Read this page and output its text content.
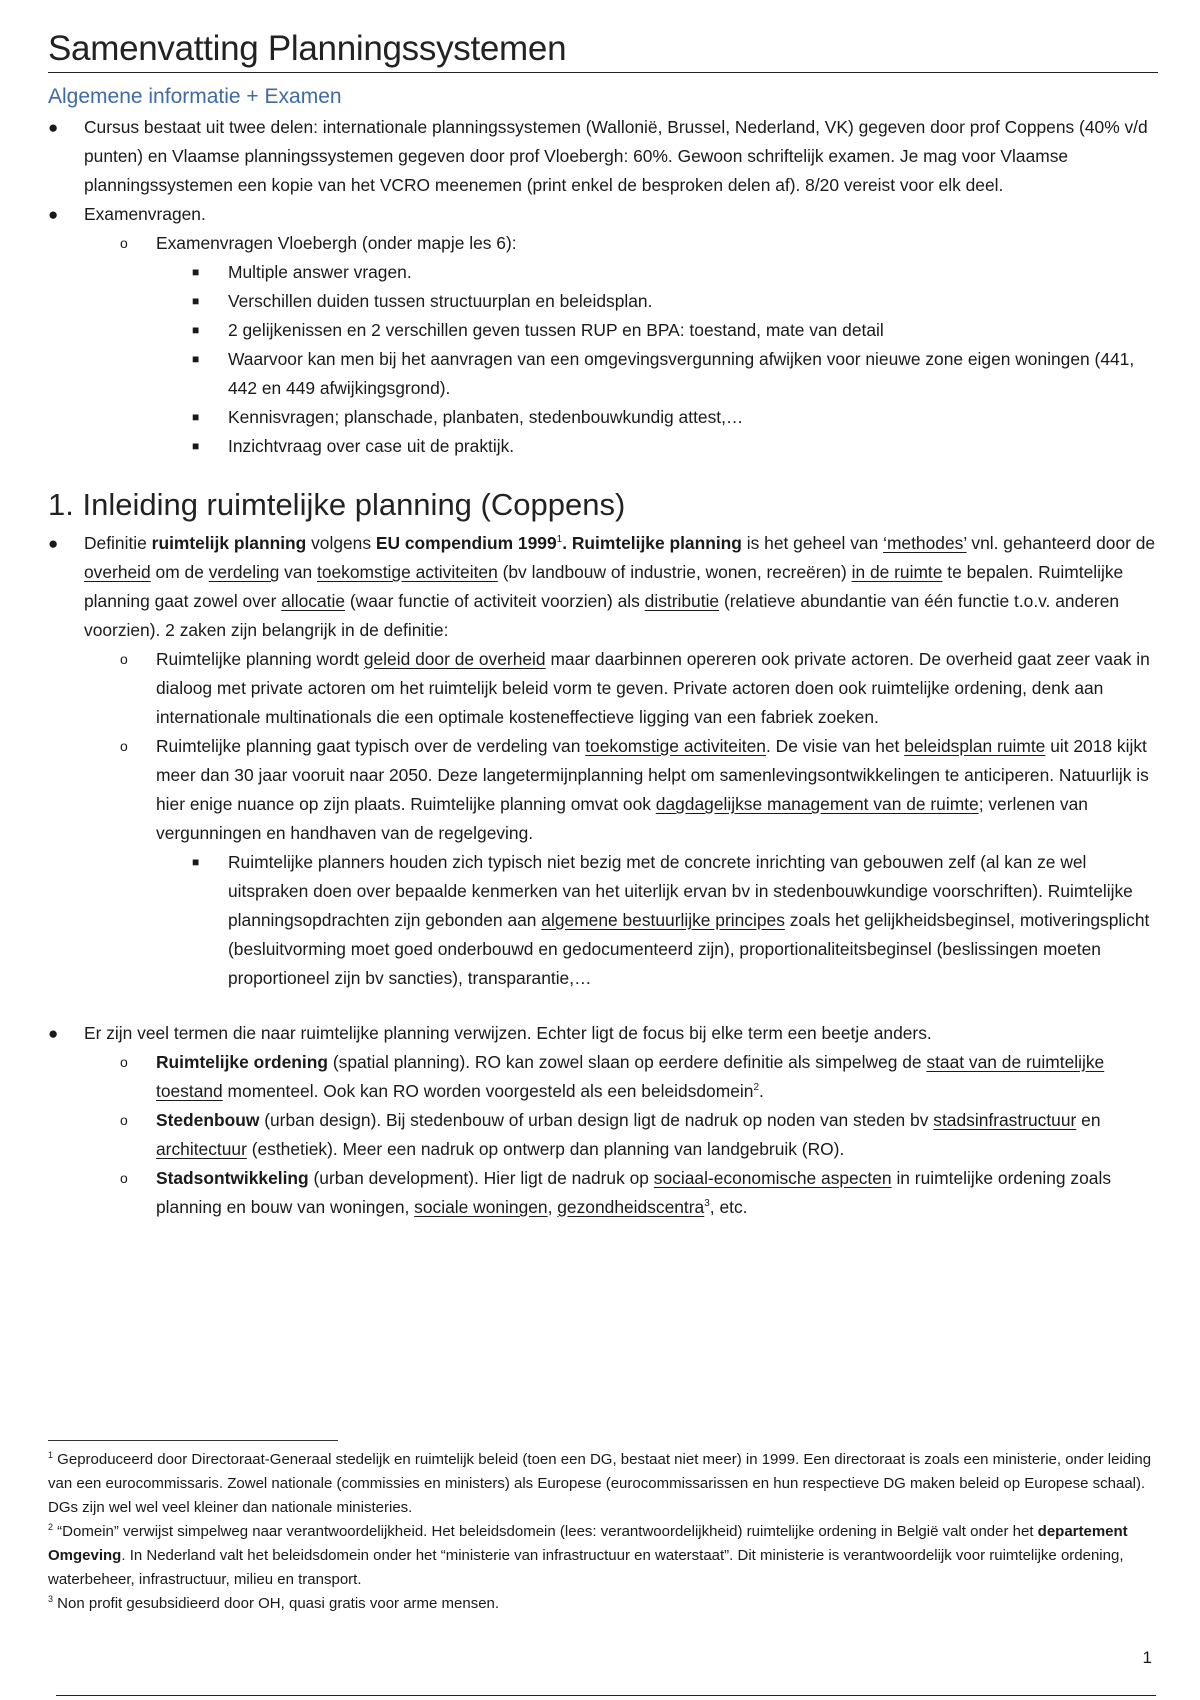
Samenvatting Planningssystemen
Algemene informatie + Examen
●	Cursus bestaat uit twee delen: internationale planningssystemen (Wallonië, Brussel, Nederland, VK) gegeven door prof Coppens (40% v/d punten) en Vlaamse planningssystemen gegeven door prof Vloebergh: 60%. Gewoon schriftelijk examen. Je mag voor Vlaamse planningssystemen een kopie van het VCRO meenemen (print enkel de besproken delen af). 8/20 vereist voor elk deel.
●	Examenvragen.
o	Examenvragen Vloebergh (onder mapje les 6):
■	Multiple answer vragen.
■	Verschillen duiden tussen structuurplan en beleidsplan.
■	2 gelijkenissen en 2 verschillen geven tussen RUP en BPA: toestand, mate van detail
■	Waarvoor kan men bij het aanvragen van een omgevingsvergunning afwijken voor nieuwe zone eigen woningen (441, 442 en 449 afwijkingsgrond).
■	Kennisvragen; planschade, planbaten, stedenbouwkundig attest,…
■	Inzichtvraag over case uit de praktijk.
1. Inleiding ruimtelijke planning (Coppens)
●	Definitie ruimtelijk planning volgens EU compendium 1999$^1$. Ruimtelijke planning is het geheel van ‘methodes’ vnl. gehanteerd door de overheid om de verdeling van toekomstige activiteiten (bv landbouw of industrie, wonen, recreëren) in de ruimte te bepalen. Ruimtelijke planning gaat zowel over allocatie (waar functie of activiteit voorzien) als distributie (relatieve abundantie van één functie t.o.v. anderen voorzien). 2 zaken zijn belangrijk in de definitie:
o	Ruimtelijke planning wordt geleid door de overheid maar daarbinnen opereren ook private actoren. De overheid gaat zeer vaak in dialoog met private actoren om het ruimtelijk beleid vorm te geven. Private actoren doen ook ruimtelijke ordening, denk aan internationale multinationals die een optimale kosteneffectieve ligging van een fabriek zoeken.
o	Ruimtelijke planning gaat typisch over de verdeling van toekomstige activiteiten. De visie van het beleidsplan ruimte uit 2018 kijkt meer dan 30 jaar vooruit naar 2050. Deze langetermijnplanning helpt om samenlevingsontwikkelingen te anticiperen. Natuurlijk is hier enige nuance op zijn plaats. Ruimtelijke planning omvat ook dagdagelijkse management van de ruimte; verlenen van vergunningen en handhaven van de regelgeving.
■	Ruimtelijke planners houden zich typisch niet bezig met de concrete inrichting van gebouwen zelf (al kan ze wel uitspraken doen over bepaalde kenmerken van het uiterlijk ervan bv in stedenbouwkundige voorschriften). Ruimtelijke planningsopdrachten zijn gebonden aan algemene bestuurlijke principes zoals het gelijkheidsbeginsel, motiveringsplicht (besluitvorming moet goed onderbouwd en gedocumenteerd zijn), proportionaliteitsbeginsel (beslissingen moeten proportioneel zijn bv sancties), transparantie,…
●	Er zijn veel termen die naar ruimtelijke planning verwijzen. Echter ligt de focus bij elke term een beetje anders.
o	Ruimtelijke ordening (spatial planning). RO kan zowel slaan op eerdere definitie als simpelweg de staat van de ruimtelijke toestand momenteel. Ook kan RO worden voorgesteld als een beleidsdomein$^2$.
o	Stedenbouw (urban design). Bij stedenbouw of urban design ligt de nadruk op noden van steden bv stadsinfrastructuur en architectuur (esthetiek). Meer een nadruk op ontwerp dan planning van landgebruik (RO).
o	Stadsontwikkeling (urban development). Hier ligt de nadruk op sociaal-economische aspecten in ruimtelijke ordening zoals planning en bouw van woningen, sociale woningen, gezondheidscentra$^3$, etc.

$^1$ Geproduceerd door Directoraat-Generaal stedelijk en ruimtelijk beleid (toen een DG, bestaat niet meer) in 1999. Een directoraat is zoals een ministerie, onder leiding van een eurocommissaris. Zowel nationale (commissies en ministers) als Europese (eurocommissarissen en hun respectieve DG maken beleid op Europese schaal). DGs zijn wel wel veel kleiner dan nationale ministeries.

$^2$ “Domein” verwijst simpelweg naar verantwoordelijkheid. Het beleidsdomein (lees: verantwoordelijkheid) ruimtelijke ordening in België valt onder het departement Omgeving. In Nederland valt het beleidsdomein onder het “ministerie van infrastructuur en waterstaat”. Dit ministerie is verantwoordelijk voor ruimtelijke ordening, waterbeheer, infrastructuur, milieu en transport.

$^3$ Non profit gesubsidieerd door OH, quasi gratis voor arme mensen.

1
